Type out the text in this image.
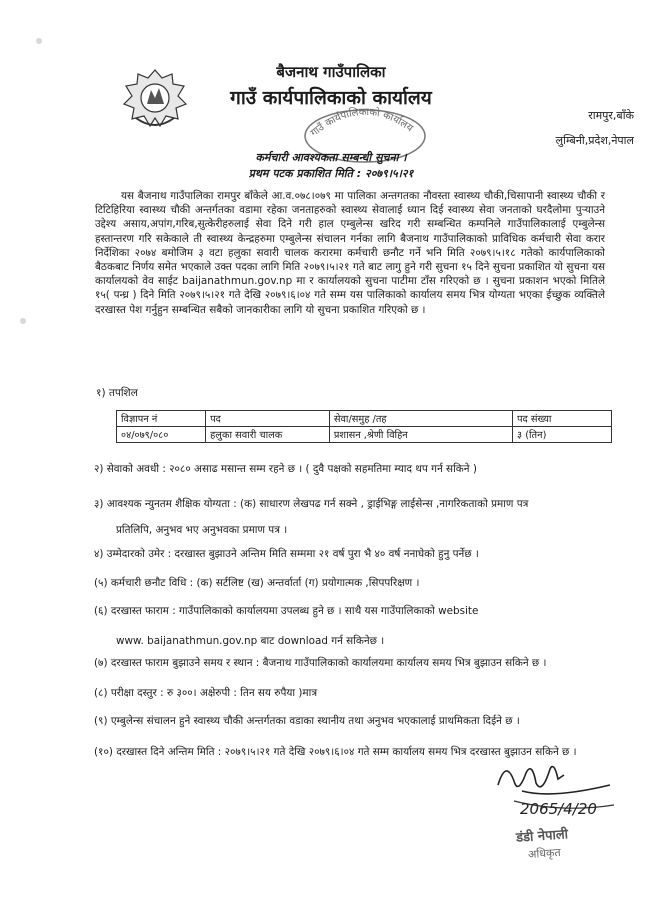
बैजनाथ गाउँपालिका
गाउँ कार्यपालिकाको कार्यालय
गाउँ कार्यपालिकाको कार्यालय
रामपुर,बाँके
लुम्बिनी,प्रदेश,नेपाल
कर्मचारी आवश्यकता सम्बन्धी सुचना ।
प्रथम पटक प्रकाशित मिति : २०७९।५।२१
यस बैजनाथ गाउँपालिका रामपुर बाँकेले आ.व.०७८।०७९ मा पालिका अन्तगतका नौवस्ता स्वास्थ्य चौकी,चिसापानी स्वास्थ्य चौकी र टिटिहिरिया स्वास्थ्य चौकी अन्तर्गतका वडामा रहेका जनताहरुको स्वास्थ्य सेवालाई ध्यान दिई स्वास्थ्य सेवा जनताको घरदैलोमा पुर्‍याउने उद्देश्य असाय,अपांग,गरिब,सुत्केरीहरुलाई सेवा दिने गरी हाल एम्बुलेन्स खरिद गरी सम्बन्धित कम्पनिले गाउँपालिकालाई एम्बुलेन्स हस्तान्तरण गरि सकेकाले ती स्वास्थ्य केन्द्रहरुमा एम्बुलेन्स संचालन गर्नका लागि बैजनाथ गाउँपालिकाको प्राविधिक कर्मचारी सेवा करार निर्देशिका २०७४ बमोजिम ३ वटा हलुका सवारी चालक करारमा कर्मचारी छनौट गर्ने भनि मिति २०७९।५।१८ गतेको कार्यपालिकाको बैठकबाट निर्णय समेत भएकाले उक्त पदका लागि मिति २०७९।५।२१ गते बाट लागु हुने गरी सुचना १५ दिने सुचना प्रकाशित यो सुचना यस कार्यालयको वेव साईट baijanathmun.gov.np मा र कार्यालयको सुचना पाटीमा टाँस गरिएको छ । सुचना प्रकाशन भएको मितिले १५( पन्ध्र ) दिने मिति २०७९।५।२१ गते देखि २०७९।६।०४ गते सम्म यस पालिकाको कार्यालय समय भित्र योग्यता भएका ईच्छुक व्यक्तिले दरखास्त पेश गर्नुहुन सम्बन्धित सबैको जानकारीका लागि यो सुचना प्रकाशित गरिएको छ ।
१) तपशिल
विज्ञापन नं	पद	सेवा/समुह /तह	पद संख्या
०४/०७९/०८०	हलुका सवारी चालक	प्रशासन ,श्रेणी विहिन	३ (तिन)
२) सेवाको अवधी : २०८० असाढ मसान्त सम्म रहने छ । ( दुवै पक्षको सहमतिमा म्याद थप गर्न सकिने )
३) आवश्यक न्युनतम शैक्षिक योग्यता : (क) साधारण लेखपढ गर्न सक्ने , ड्राईभिङ्ग लाईसेन्स ,नागरिकताको प्रमाण पत्र
प्रतिलिपि, अनुभव भए अनुभवका प्रमाण पत्र ।
४) उम्मेदारको उमेर : दरखास्त बुझाउने अन्तिम मिति सम्ममा २१ वर्ष पुरा भै ४० वर्ष ननाघेको हुनु पर्नेछ ।
(५) कर्मचारी छनौट विधि : (क) सर्टलिष्ट (ख) अन्तर्वार्ता (ग) प्रयोगात्मक ,सिपपरिक्षण ।
(६) दरखास्त फाराम : गाउँपालिकाको कार्यालयमा उपलब्ध हुने छ । साथै यस गाउँपालिकाको website
www. baijanathmun.gov.np बाट download गर्न सकिनेछ ।
(७) दरखास्त फाराम बुझाउने समय र स्थान : बैजनाथ गाउँपालिकाको कार्यालयमा कार्यालय समय भित्र बुझाउन सकिने छ ।
(८) परीक्षा दस्तुर : रु ३००। अक्षेरुपी : तिन सय रुपैया )मात्र
(९) एम्बुलेन्स संचालन हुने स्वास्थ्य चौकी अन्तर्गतका वडाका स्थानीय तथा अनुभव भएकालाई प्राथमिकता दिईने छ ।
(१०) दरखास्त दिने अन्तिम मिति : २०७९।५।२१ गते देखि २०७९।६।०४ गते सम्म कार्यालय समय भित्र दरखास्त बुझाउन सकिने छ ।
2065/4/20
डंडी नेपाली
अधिकृत
